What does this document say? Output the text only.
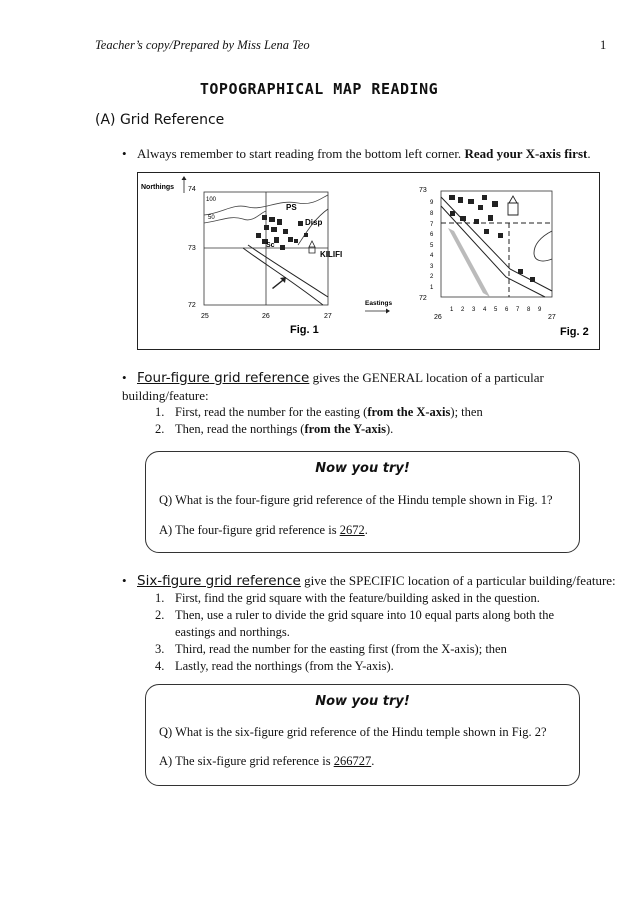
Teacher’s copy/Prepared by Miss Lena Teo	1
TOPOGRAPHICAL MAP READING
(A) Grid Reference
• Always remember to start reading from the bottom left corner. Read your X-axis first.
Northings 74
73
72
25	26	27
100
50
PS
Disp
Sc
KILIFI
Eastings
Fig. 1
73
72
9
8
7
6
5
4
3
2
1
26	27
1 2 3 4 5 6 7 8 9
Fig. 2
• Four-figure grid reference gives the GENERAL location of a particular
building/feature:
1. First, read the number for the easting (from the X-axis); then
2. Then, read the northings (from the Y-axis).
Now you try!
Q) What is the four-figure grid reference of the Hindu temple shown in Fig. 1?
A) The four-figure grid reference is 2672.
• Six-figure grid reference give the SPECIFIC location of a particular building/feature:
1. First, find the grid square with the feature/building asked in the question.
2. Then, use a ruler to divide the grid square into 10 equal parts along both the
eastings and northings.
3. Third, read the number for the easting first (from the X-axis); then
4. Lastly, read the northings (from the Y-axis).
Now you try!
Q) What is the six-figure grid reference of the Hindu temple shown in Fig. 2?
A) The six-figure grid reference is 266727.
